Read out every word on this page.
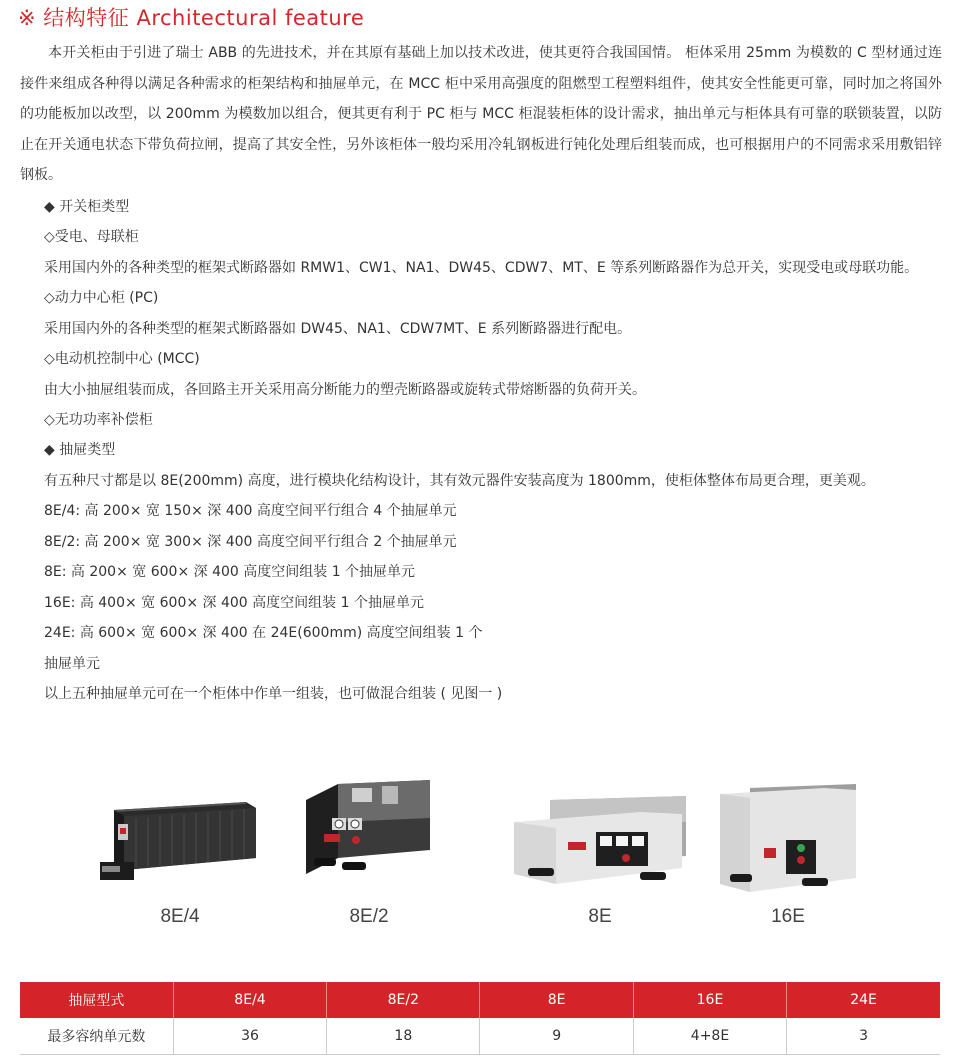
※ 结构特征 Architectural feature
本开关柜由于引进了瑞士 ABB 的先进技术，并在其原有基础上加以技术改进，使其更符合我国国情。 柜体采用 25mm 为模数的 C 型材通过连接件来组成各种得以满足各种需求的柜架结构和抽屉单元，在 MCC 柜中采用高强度的阻燃型工程塑料组件，使其安全性能更可靠，同时加之将国外的功能板加以改型，以 200mm 为模数加以组合，便其更有利于 PC 柜与 MCC 柜混装柜体的设计需求，抽出单元与柜体具有可靠的联锁装置，以防止在开关通电状态下带负荷拉闸，提高了其安全性，另外该柜体一般均采用冷轧钢板进行钝化处理后组装而成，也可根据用户的不同需求采用敷铝锌钢板。
◆ 开关柜类型
◇受电、母联柜
采用国内外的各种类型的框架式断路器如 RMW1、CW1、NA1、DW45、CDW7、MT、E 等系列断路器作为总开关，实现受电或母联功能。
◇动力中心柜 (PC)
采用国内外的各种类型的框架式断路器如 DW45、NA1、CDW7MT、E 系列断路器进行配电。
◇电动机控制中心 (MCC)
由大小抽屉组装而成，各回路主开关采用高分断能力的塑壳断路器或旋转式带熔断器的负荷开关。
◇无功功率补偿柜
◆ 抽屉类型
有五种尺寸都是以 8E(200mm) 高度，进行模块化结构设计，其有效元器件安装高度为 1800mm，使柜体整体布局更合理，更美观。
8E/4: 高 200× 宽 150× 深 400 高度空间平行组合 4 个抽屉单元
8E/2: 高 200× 宽 300× 深 400 高度空间平行组合 2 个抽屉单元
8E: 高 200× 宽 600× 深 400 高度空间组装 1 个抽屉单元
16E: 高 400× 宽 600× 深 400 高度空间组装 1 个抽屉单元
24E: 高 600× 宽 600× 深 400 在 24E(600mm) 高度空间组装 1 个
抽屉单元
以上五种抽屉单元可在一个柜体中作单一组装，也可做混合组装 ( 见图一 )
8E/4	8E/2	8E	16E
抽屉型式	8E/4	8E/2	8E	16E	24E
最多容纳单元数	36	18	9	4+8E	3
